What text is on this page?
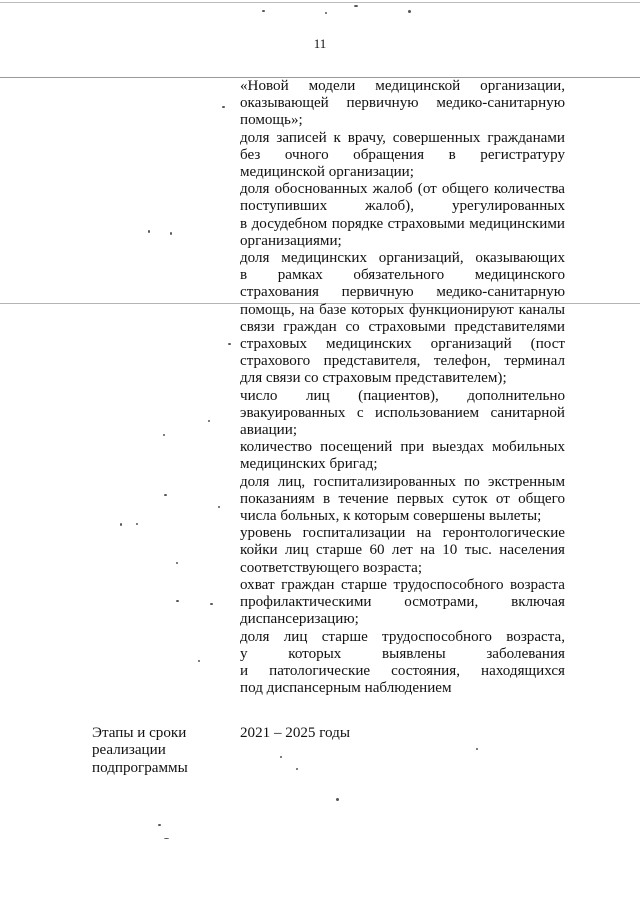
11

«Новой модели медицинской организации,
оказывающей первичную медико-санитарную
помощь»;

доля записей к врачу, совершенных гражданами
без очного обращения в регистратуру
медицинской организации;

доля обоснованных жалоб (от общего количества
поступивших жалоб), урегулированных
в досудебном порядке страховыми медицинскими
организациями;

доля медицинских организаций, оказывающих
в рамках обязательного медицинского
страхования первичную медико-санитарную
помощь, на базе которых функционируют каналы
связи граждан со страховыми представителями
страховых медицинских организаций (пост
страхового представителя, телефон, терминал
для связи со страховым представителем);

число лиц (пациентов), дополнительно
эвакуированных с использованием санитарной
авиации;

количество посещений при выездах мобильных
медицинских бригад;

доля лиц, госпитализированных по экстренным
показаниям в течение первых суток от общего
числа больных, к которым совершены вылеты;

уровень госпитализации на геронтологические
койки лиц старше 60 лет на 10 тыс. населения
соответствующего возраста;

охват граждан старше трудоспособного возраста
профилактическими осмотрами, включая
диспансеризацию;

доля лиц старше трудоспособного возраста,
у которых выявлены заболевания
и патологические состояния, находящихся
под диспансерным наблюдением

Этапы и сроки
реализации
подпрограммы
2021 – 2025 годы
